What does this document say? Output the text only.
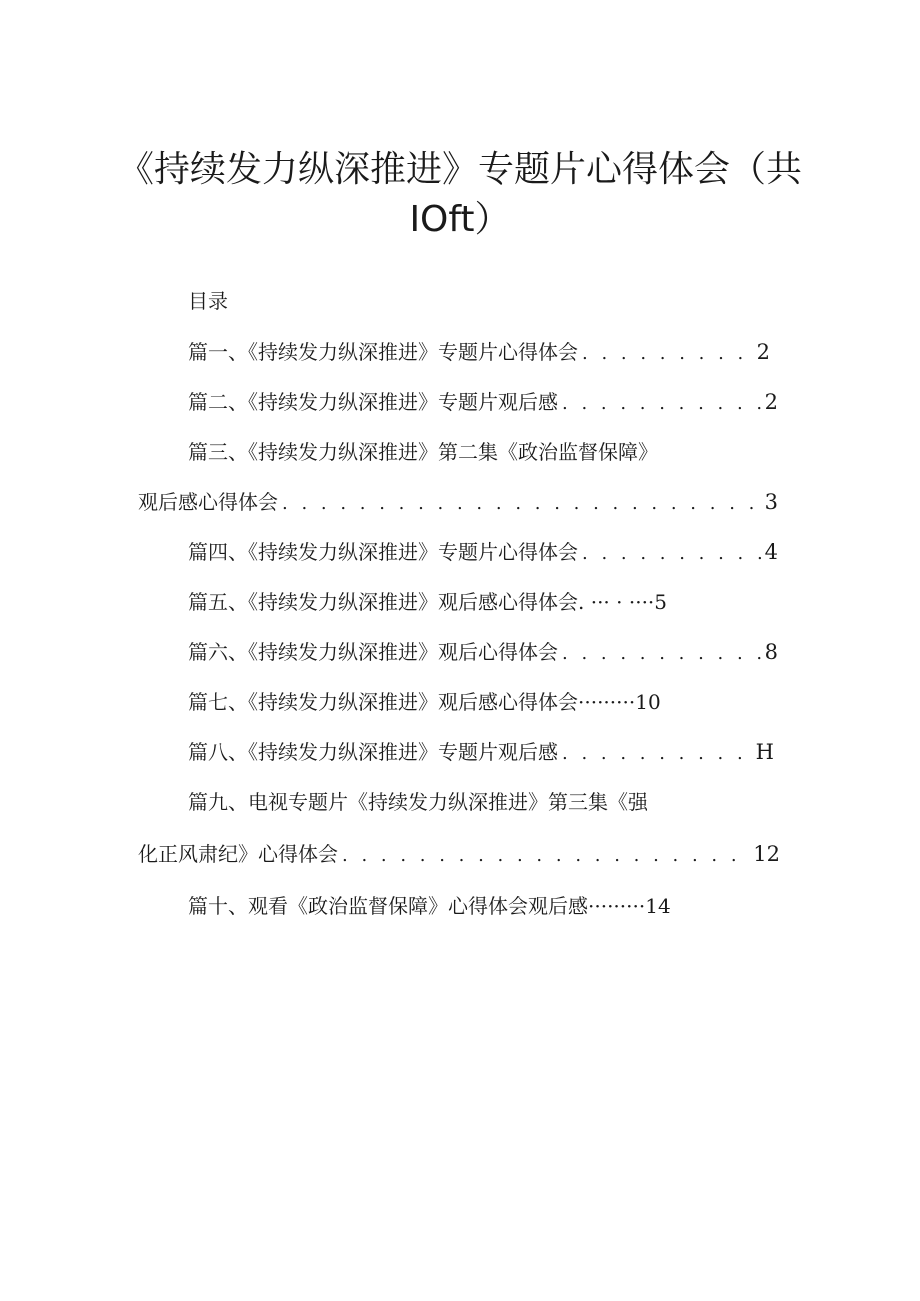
《持续发力纵深推进》专题片心得体会（共
IOft）
目录
篇一、《持续发力纵深推进》专题片心得体会 . . .	2
篇二、《持续发力纵深推进》专题片观后感 . . .	2
篇三、《持续发力纵深推进》第二集《政治监督保障》
观后感心得体会 . . .	3
篇四、《持续发力纵深推进》专题片心得体会 . . .	4
篇五、《持续发力纵深推进》观后感心得体会. ··· · ····5
篇六、《持续发力纵深推进》观后心得体会 . . .	8
篇七、《持续发力纵深推进》观后感心得体会·········10
篇八、《持续发力纵深推进》专题片观后感 . . .	H
篇九、电视专题片《持续发力纵深推进》第三集《强
化正风肃纪》心得体会 . . .	12
篇十、观看《政治监督保障》心得体会观后感·········14
